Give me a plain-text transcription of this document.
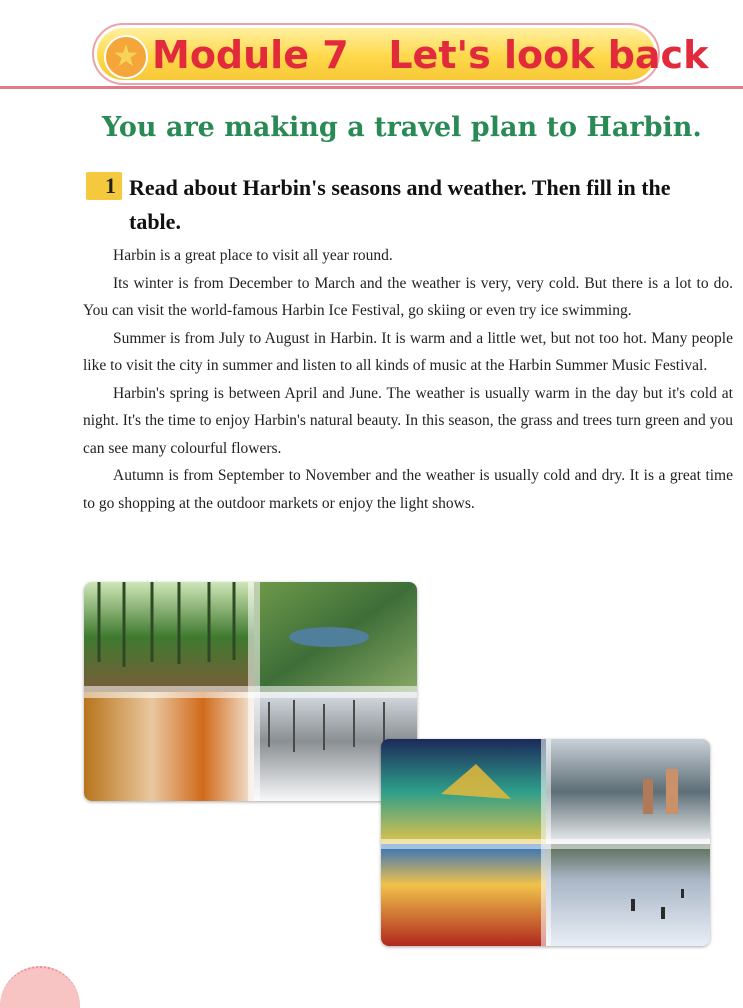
★ Module 7   Let's look back
You are making a travel plan to Harbin.
1 Read about Harbin's seasons and weather. Then fill in the table.

Harbin is a great place to visit all year round.

Its winter is from December to March and the weather is very, very cold. But there is a lot to do. You can visit the world-famous Harbin Ice Festival, go skiing or even try ice swimming.

Summer is from July to August in Harbin. It is warm and a little wet, but not too hot. Many people like to visit the city in summer and listen to all kinds of music at the Harbin Summer Music Festival.

Harbin's spring is between April and June. The weather is usually warm in the day but it's cold at night. It's the time to enjoy Harbin's natural beauty. In this season, the grass and trees turn green and you can see many colourful flowers.

Autumn is from September to November and the weather is usually cold and dry. It is a great time to go shopping at the outdoor markets or enjoy the light shows.
